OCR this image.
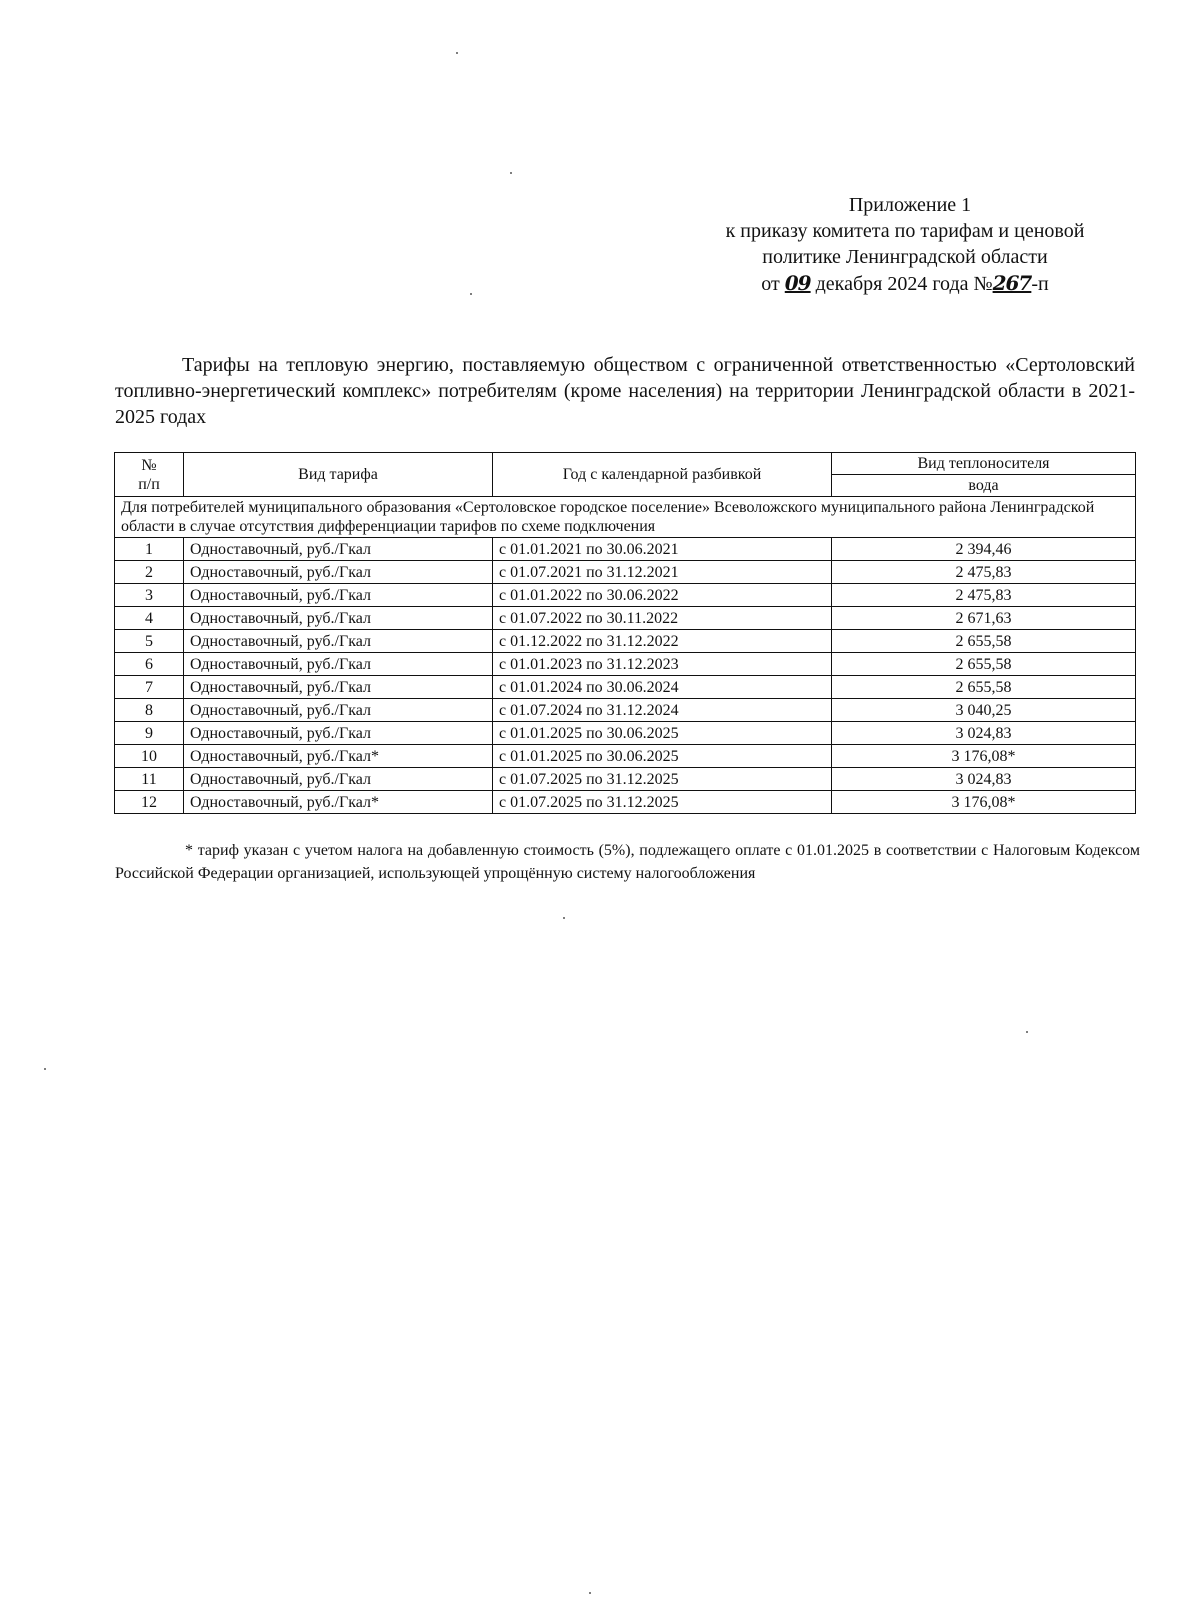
Приложение 1
к приказу комитета по тарифам и ценовой
политике Ленинградской области
от 09 декабря 2024 года №267-п
Тарифы на тепловую энергию, поставляемую обществом с ограниченной ответственностью «Сертоловский топливно-энергетический комплекс» потребителям (кроме населения) на территории Ленинградской области в 2021-2025 годах
№
п/п	Вид тарифа	Год с календарной разбивкой	Вид теплоносителя
			вода
Для потребителей муниципального образования «Сертоловское городское поселение» Всеволожского муниципального района Ленинградской области в случае отсутствия дифференциации тарифов по схеме подключения			
1	Одноставочный, руб./Гкал	с 01.01.2021 по 30.06.2021	2 394,46
2	Одноставочный, руб./Гкал	с 01.07.2021 по 31.12.2021	2 475,83
3	Одноставочный, руб./Гкал	с 01.01.2022 по 30.06.2022	2 475,83
4	Одноставочный, руб./Гкал	с 01.07.2022 по 30.11.2022	2 671,63
5	Одноставочный, руб./Гкал	с 01.12.2022 по 31.12.2022	2 655,58
6	Одноставочный, руб./Гкал	с 01.01.2023 по 31.12.2023	2 655,58
7	Одноставочный, руб./Гкал	с 01.01.2024 по 30.06.2024	2 655,58
8	Одноставочный, руб./Гкал	с 01.07.2024 по 31.12.2024	3 040,25
9	Одноставочный, руб./Гкал	с 01.01.2025 по 30.06.2025	3 024,83
10	Одноставочный, руб./Гкал*	с 01.01.2025 по 30.06.2025	3 176,08*
11	Одноставочный, руб./Гкал	с 01.07.2025 по 31.12.2025	3 024,83
12	Одноставочный, руб./Гкал*	с 01.07.2025 по 31.12.2025	3 176,08*
* тариф указан с учетом налога на добавленную стоимость (5%), подлежащего оплате с 01.01.2025 в соответствии с Налоговым Кодексом Российской Федерации организацией, использующей упрощённую систему налогообложения
